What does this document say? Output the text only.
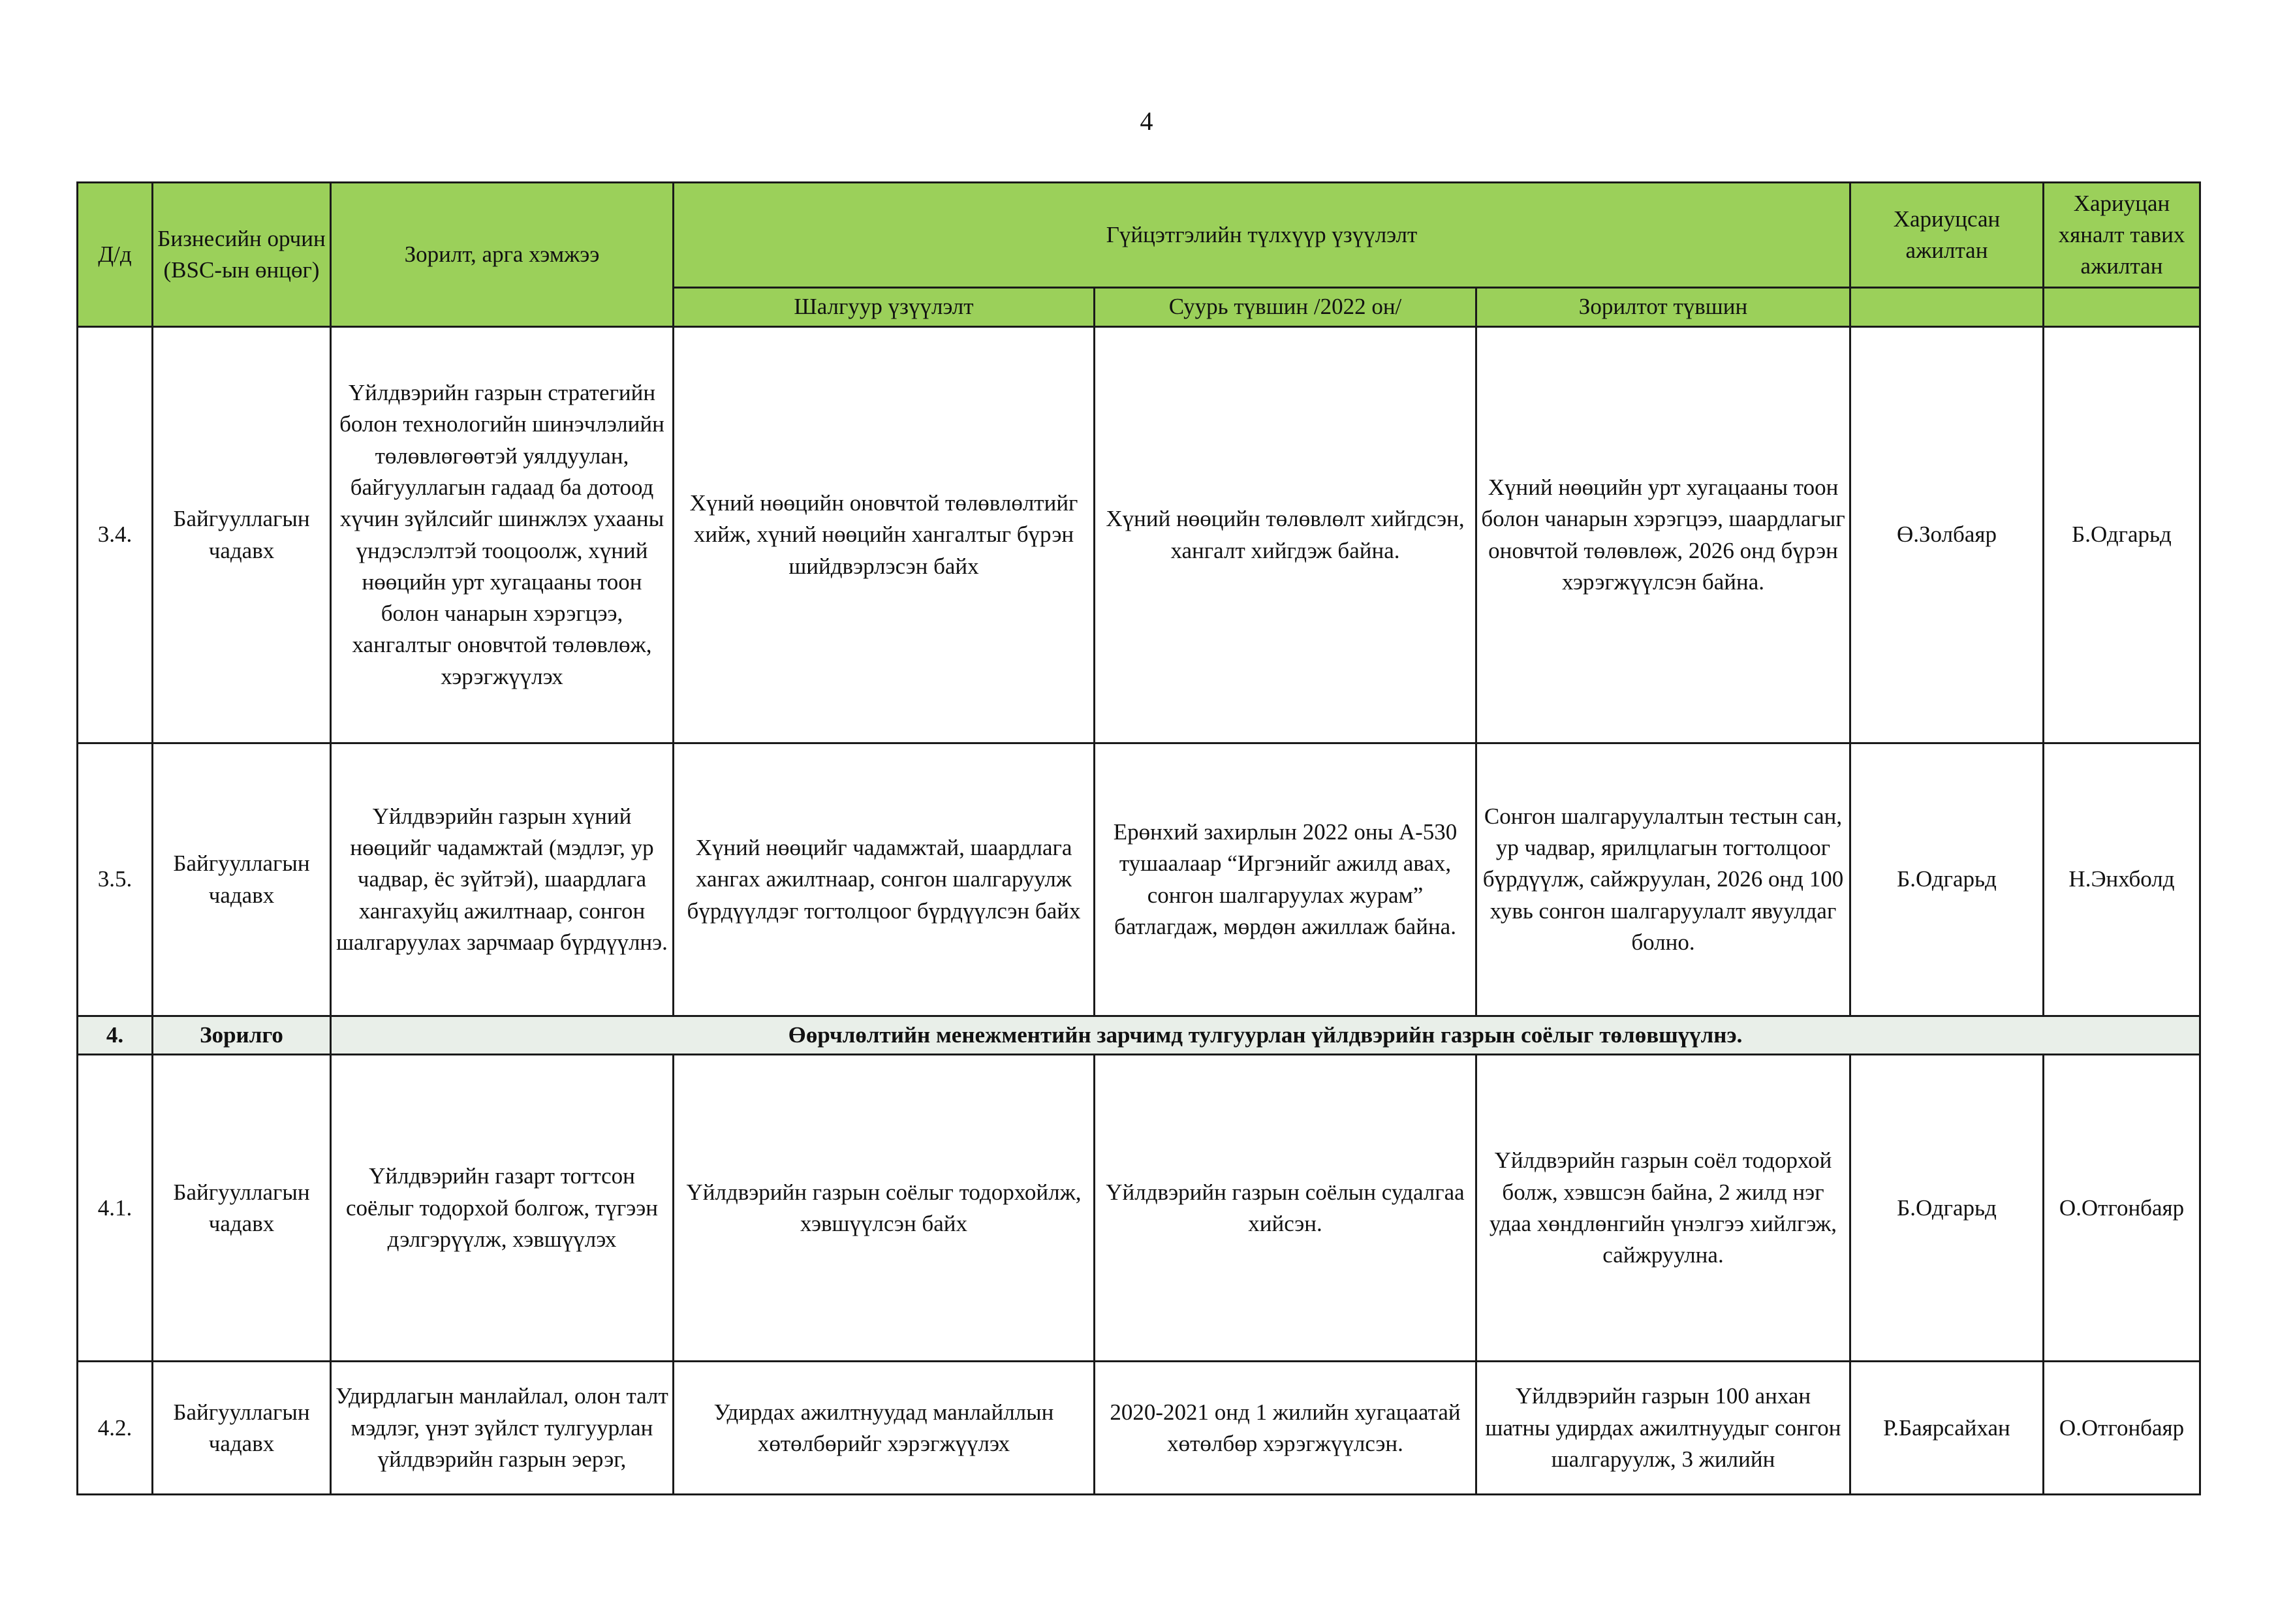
4
Д/д	Бизнесийн орчин (BSC-ын өнцөг)	Зорилт, арга хэмжээ	Гүйцэтгэлийн түлхүүр үзүүлэлт			Хариуцсан ажилтан	Хариуцан хяналт тавих ажилтан
			Шалгуур үзүүлэлт	Суурь түвшин /2022 он/	Зорилтот түвшин		
3.4.	Байгууллагын чадавх	Үйлдвэрийн газрын стратегийн болон технологийн шинэчлэлийн төлөвлөгөөтэй уялдуулан, байгууллагын гадаад ба дотоод хүчин зүйлсийг шинжлэх ухааны үндэслэлтэй тооцоолж, хүний нөөцийн урт хугацааны тоон болон чанарын хэрэгцээ, хангалтыг оновчтой төлөвлөж, хэрэгжүүлэх	Хүний нөөцийн оновчтой төлөвлөлтийг хийж, хүний нөөцийн хангалтыг бүрэн шийдвэрлэсэн байх	Хүний нөөцийн төлөвлөлт хийгдсэн, хангалт хийгдэж байна.	Хүний нөөцийн урт хугацааны тоон болон чанарын хэрэгцээ, шаардлагыг оновчтой төлөвлөж, 2026 онд бүрэн хэрэгжүүлсэн байна.	Ө.Золбаяр	Б.Одгарьд
3.5.	Байгууллагын чадавх	Үйлдвэрийн газрын хүний нөөцийг чадамжтай (мэдлэг, ур чадвар, ёс зүйтэй), шаардлага хангахуйц ажилтнаар, сонгон шалгаруулах зарчмаар бүрдүүлнэ.	Хүний нөөцийг чадамжтай, шаардлага хангах ажилтнаар, сонгон шалгаруулж бүрдүүлдэг тогтолцоог бүрдүүлсэн байх	Ерөнхий захирлын 2022 оны А-530 тушаалаар “Иргэнийг ажилд авах, сонгон шалгаруулах журам” батлагдаж, мөрдөн ажиллаж байна.	Сонгон шалгаруулалтын тестын сан, ур чадвар, ярилцлагын тогтолцоог бүрдүүлж, сайжруулан, 2026 онд 100 хувь сонгон шалгаруулалт явуулдаг болно.	Б.Одгарьд	Н.Энхболд
4.	Зорилго	Өөрчлөлтийн менежментийн зарчимд тулгуурлан үйлдвэрийн газрын соёлыг төлөвшүүлнэ.					
4.1.	Байгууллагын чадавх	Үйлдвэрийн газарт тогтсон соёлыг тодорхой болгож, түгээн дэлгэрүүлж, хэвшүүлэх	Үйлдвэрийн газрын соёлыг тодорхойлж, хэвшүүлсэн байх	Үйлдвэрийн газрын соёлын судалгаа хийсэн.	Үйлдвэрийн газрын соёл тодорхой болж, хэвшсэн байна, 2 жилд нэг удаа хөндлөнгийн үнэлгээ хийлгэж, сайжруулна.	Б.Одгарьд	О.Отгонбаяр
4.2.	Байгууллагын чадавх	Удирдлагын манлайлал, олон талт мэдлэг, үнэт зүйлст тулгуурлан үйлдвэрийн газрын эерэг,	Удирдах ажилтнуудад манлайллын хөтөлбөрийг хэрэгжүүлэх	2020-2021 онд 1 жилийн хугацаатай хөтөлбөр хэрэгжүүлсэн.	Үйлдвэрийн газрын 100 анхан шатны удирдах ажилтнуудыг сонгон шалгаруулж, 3 жилийн	Р.Баярсайхан	О.Отгонбаяр
